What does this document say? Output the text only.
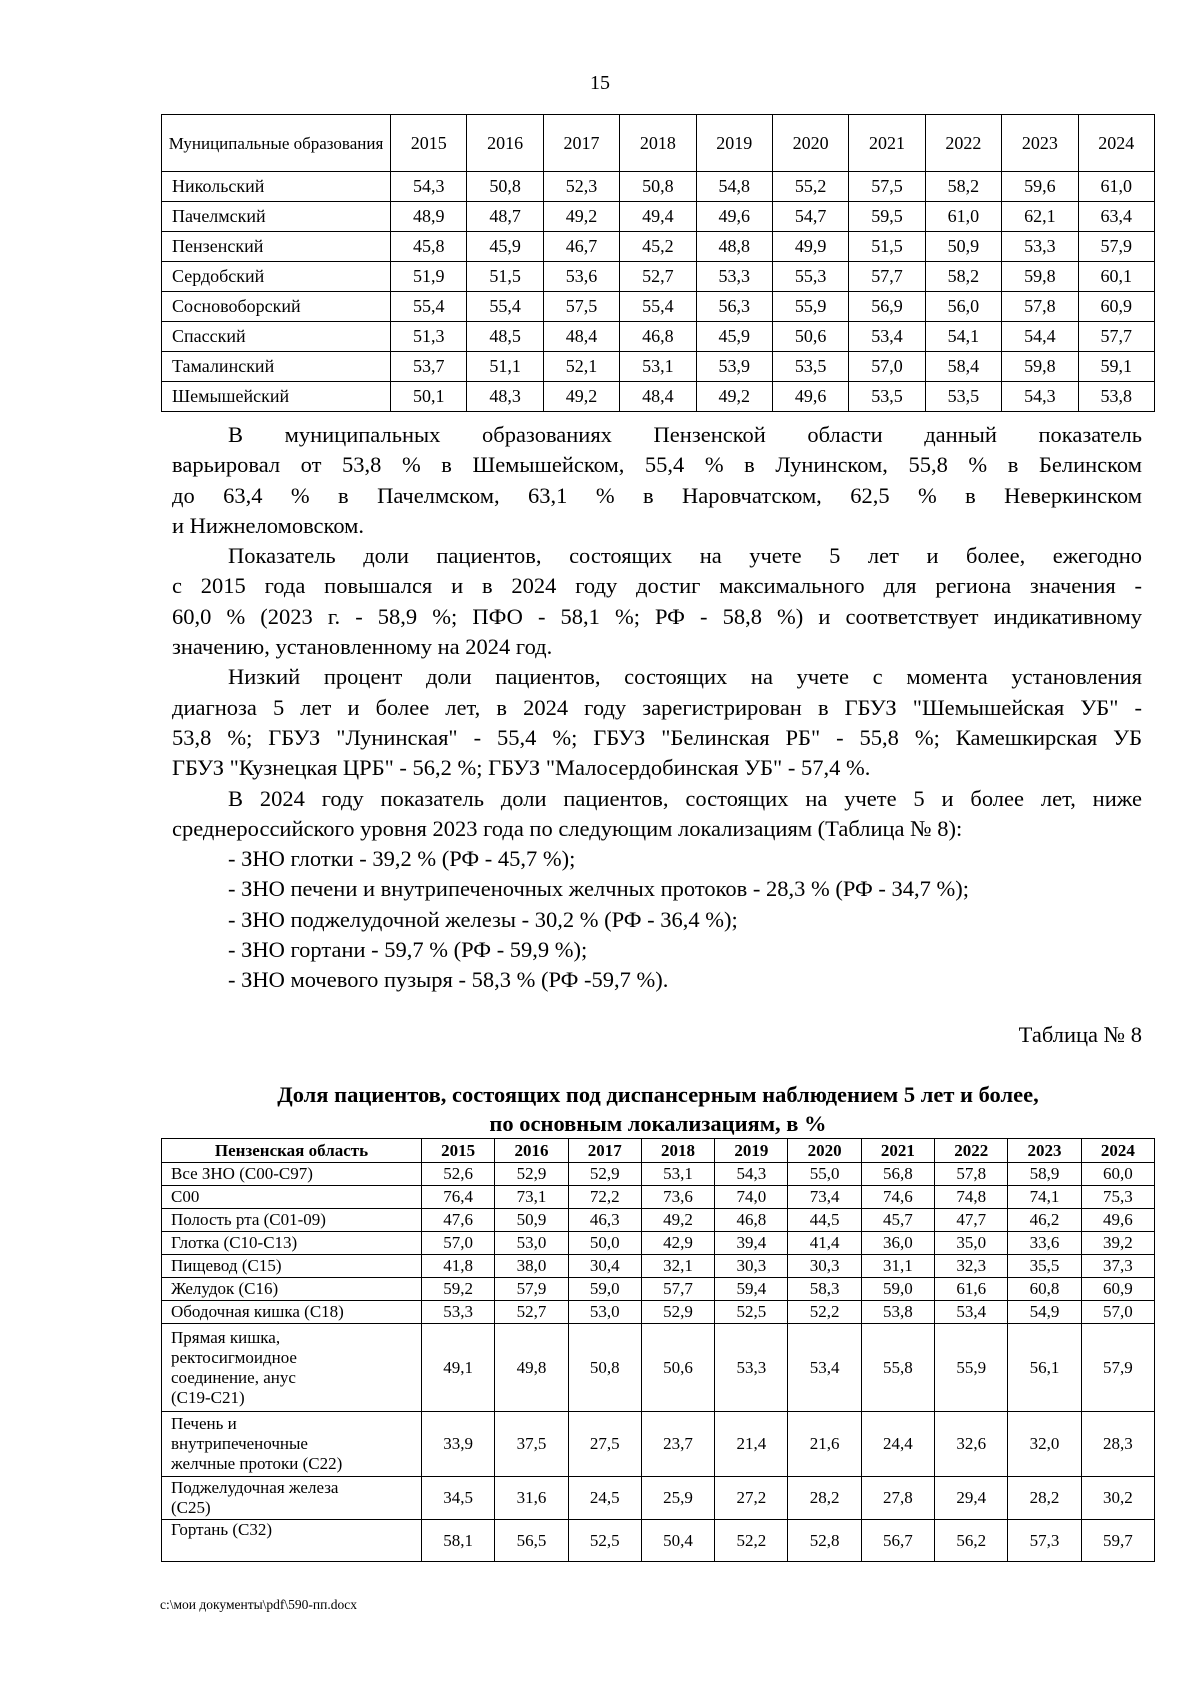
15
Муниципальные образования	2015	2016	2017	2018	2019	2020	2021	2022	2023	2024
Никольский	54,3	50,8	52,3	50,8	54,8	55,2	57,5	58,2	59,6	61,0
Пачелмский	48,9	48,7	49,2	49,4	49,6	54,7	59,5	61,0	62,1	63,4
Пензенский	45,8	45,9	46,7	45,2	48,8	49,9	51,5	50,9	53,3	57,9
Сердобский	51,9	51,5	53,6	52,7	53,3	55,3	57,7	58,2	59,8	60,1
Сосновоборский	55,4	55,4	57,5	55,4	56,3	55,9	56,9	56,0	57,8	60,9
Спасский	51,3	48,5	48,4	46,8	45,9	50,6	53,4	54,1	54,4	57,7
Тамалинский	53,7	51,1	52,1	53,1	53,9	53,5	57,0	58,4	59,8	59,1
Шемышейский	50,1	48,3	49,2	48,4	49,2	49,6	53,5	53,5	54,3	53,8

В муниципальных образованиях Пензенской области данный показатель

варьировал от 53,8 % в Шемышейском, 55,4 % в Лунинском, 55,8 % в Белинском

до 63,4 % в Пачелмском, 63,1 % в Наровчатском, 62,5 % в Неверкинском

и Нижнеломовском.

Показатель доли пациентов, состоящих на учете 5 лет и более, ежегодно

с 2015 года повышался и в 2024 году достиг максимального для региона значения -

60,0 % (2023 г. - 58,9 %; ПФО - 58,1 %; РФ - 58,8 %) и соответствует индикативному

значению, установленному на 2024 год.

Низкий процент доли пациентов, состоящих на учете с момента установления

диагноза 5 лет и более лет, в 2024 году зарегистрирован в ГБУЗ "Шемышейская УБ" -

53,8 %; ГБУЗ "Лунинская" - 55,4 %; ГБУЗ "Белинская РБ" - 55,8 %; Камешкирская УБ

ГБУЗ "Кузнецкая ЦРБ" - 56,2 %; ГБУЗ "Малосердобинская УБ" - 57,4 %.

В 2024 году показатель доли пациентов, состоящих на учете 5 и более лет, ниже

среднероссийского уровня 2023 года по следующим локализациям (Таблица № 8):

- ЗНО глотки - 39,2 % (РФ - 45,7 %);

- ЗНО печени и внутрипеченочных желчных протоков - 28,3 % (РФ - 34,7 %);

- ЗНО поджелудочной железы - 30,2 % (РФ - 36,4 %);

- ЗНО гортани - 59,7 % (РФ - 59,9 %);

- ЗНО мочевого пузыря - 58,3 % (РФ -59,7 %).

Таблица № 8
Доля пациентов, состоящих под диспансерным наблюдением 5 лет и более,
по основным локализациям, в %
Пензенская область	2015	2016	2017	2018	2019	2020	2021	2022	2023	2024
Все ЗНО (С00-С97)	52,6	52,9	52,9	53,1	54,3	55,0	56,8	57,8	58,9	60,0
С00	76,4	73,1	72,2	73,6	74,0	73,4	74,6	74,8	74,1	75,3
Полость рта (С01-09)	47,6	50,9	46,3	49,2	46,8	44,5	45,7	47,7	46,2	49,6
Глотка (С10-С13)	57,0	53,0	50,0	42,9	39,4	41,4	36,0	35,0	33,6	39,2
Пищевод (С15)	41,8	38,0	30,4	32,1	30,3	30,3	31,1	32,3	35,5	37,3
Желудок (С16)	59,2	57,9	59,0	57,7	59,4	58,3	59,0	61,6	60,8	60,9
Ободочная кишка (С18)	53,3	52,7	53,0	52,9	52,5	52,2	53,8	53,4	54,9	57,0

Прямая кишка,
ректосигмоидное
соединение, анус
(С19-С21)	49,1	49,8	50,8	50,6	53,3	53,4	55,8	55,9	56,1	57,9

Печень и
внутрипеченочные
желчные протоки (С22)	33,9	37,5	27,5	23,7	21,4	21,6	24,4	32,6	32,0	28,3

Поджелудочная железа
(С25)	34,5	31,6	24,5	25,9	27,2	28,2	27,8	29,4	28,2	30,2
Гортань (С32)	58,1	56,5	52,5	50,4	52,2	52,8	56,7	56,2	57,3	59,7
c:\мои документы\pdf\590-пп.docx
